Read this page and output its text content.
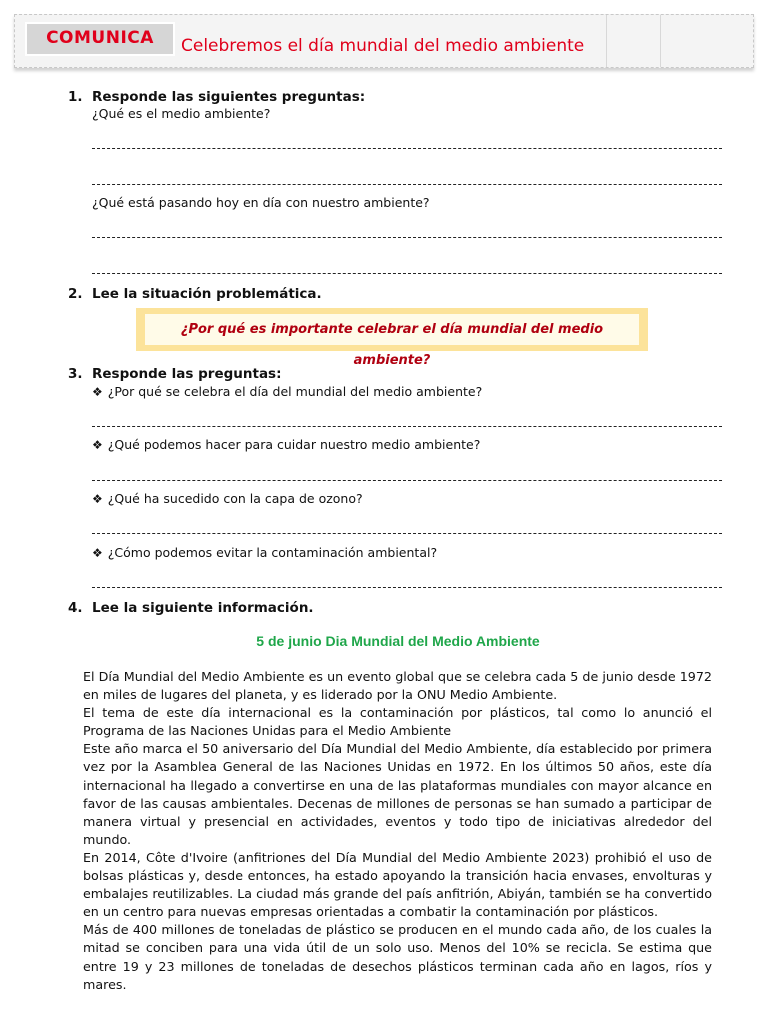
COMUNICA	Celebremos el día mundial del medio ambiente
1. Responde las siguientes preguntas:
¿Qué es el medio ambiente?
¿Qué está pasando hoy en día con nuestro ambiente?
2. Lee la situación problemática.
¿Por qué es importante celebrar el día mundial del medio ambiente?
3. Responde las preguntas:
❖ ¿Por qué se celebra el día del mundial del medio ambiente?
❖ ¿Qué podemos hacer para cuidar nuestro medio ambiente?
❖ ¿Qué ha sucedido con la capa de ozono?
❖ ¿Cómo podemos evitar la contaminación ambiental?
4. Lee la siguiente información.
5 de junio Dia Mundial del Medio Ambiente

El Día Mundial del Medio Ambiente es un evento global que se celebra cada 5 de junio desde 1972 en miles de lugares del planeta, y es liderado por la ONU Medio Ambiente.

El tema de este día internacional es la contaminación por plásticos, tal como lo anunció el Programa de las Naciones Unidas para el Medio Ambiente

Este año marca el 50 aniversario del Día Mundial del Medio Ambiente, día establecido por primera vez por la Asamblea General de las Naciones Unidas en 1972. En los últimos 50 años, este día internacional ha llegado a convertirse en una de las plataformas mundiales con mayor alcance en favor de las causas ambientales. Decenas de millones de personas se han sumado a participar de manera virtual y presencial en actividades, eventos y todo tipo de iniciativas alrededor del mundo.

En 2014, Côte d'Ivoire (anfitriones del Día Mundial del Medio Ambiente 2023) prohibió el uso de bolsas plásticas y, desde entonces, ha estado apoyando la transición hacia envases, envolturas y embalajes reutilizables. La ciudad más grande del país anfitrión, Abiyán, también se ha convertido en un centro para nuevas empresas orientadas a combatir la contaminación por plásticos.

Más de 400 millones de toneladas de plástico se producen en el mundo cada año, de los cuales la mitad se conciben para una vida útil de un solo uso. Menos del 10% se recicla. Se estima que entre 19 y 23 millones de toneladas de desechos plásticos terminan cada año en lagos, ríos y mares.
